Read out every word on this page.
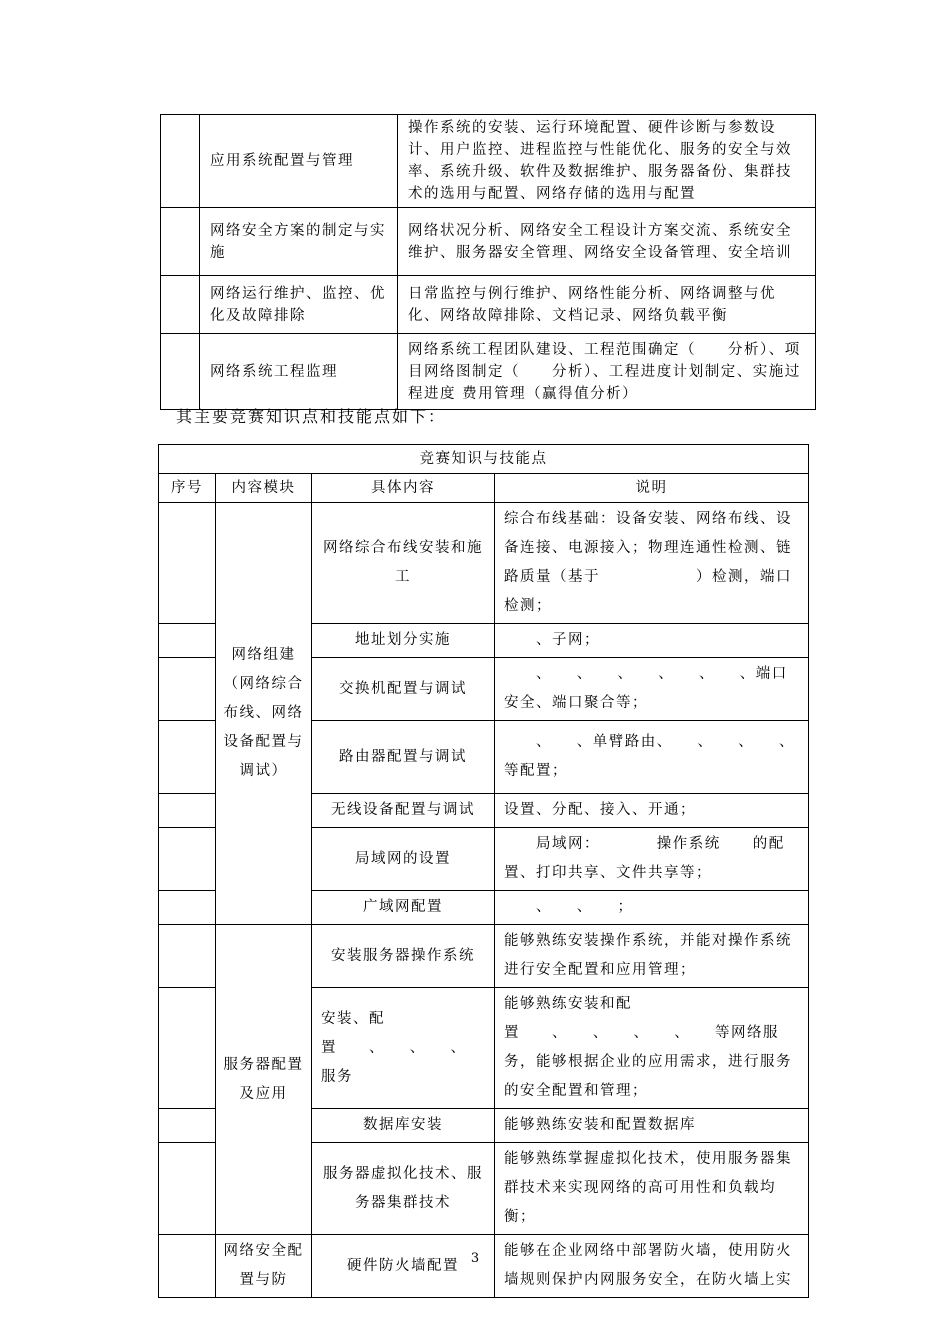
	应用系统配置与管理	操作系统的安装、运行环境配置、硬件诊断与参数设计、用户监控、进程监控与性能优化、服务的安全与效率、系统升级、软件及数据维护、服务器备份、集群技术的选用与配置、网络存储的选用与配置
	网络安全方案的制定与实施	网络状况分析、网络安全工程设计方案交流、系统安全维护、服务器安全管理、网络安全设备管理、安全培训
	网络运行维护、监控、优化及故障排除	日常监控与例行维护、网络性能分析、网络调整与优化、网络故障排除、文档记录、网络负载平衡
	网络系统工程监理	网络系统工程团队建设、工程范围确定（　　分析）、项目网络图制定（　　分析）、工程进度计划制定、实施过程进度 费用管理（赢得值分析）
其主要竞赛知识点和技能点如下：
竞赛知识与技能点			
序号	内容模块	具体内容	说明
	网络组建（网络综合布线、网络设备配置与调试）	网络综合布线安装和施工	综合布线基础：设备安装、网络布线、设备连接、电源接入；物理连通性检测、链路质量（基于　　　　　　）检测，端口检测；
		地址划分实施	　　、子网；
		交换机配置与调试	　　、　　、　　、　　、　　、　　、端口安全、端口聚合等；
		路由器配置与调试	　　、　　、单臂路由、　　、　　、　　、　　等配置；
		无线设备配置与调试	设置、分配、接入、开通；
		局域网的设置	　　局域网：　　　　操作系统　　的配置、打印共享、文件共享等；
		广域网配置	　　、　　、　　；
	服务器配置及应用	安装服务器操作系统	能够熟练安装操作系统，并能对操作系统进行安全配置和应用管理；
		安装、配置　　、　　、　　、　　服务	能够熟练安装和配置　　、　　、　　、　　、　　等网络服务，能够根据企业的应用需求，进行服务的安全配置和管理；
		数据库安装	能够熟练安装和配置数据库
		服务器虚拟化技术、服务器集群技术	能够熟练掌握虚拟化技术，使用服务器集群技术来实现网络的高可用性和负载均衡；
	网络安全配置与防	硬件防火墙配置	能够在企业网络中部署防火墙，使用防火墙规则保护内网服务安全，在防火墙上实
3
